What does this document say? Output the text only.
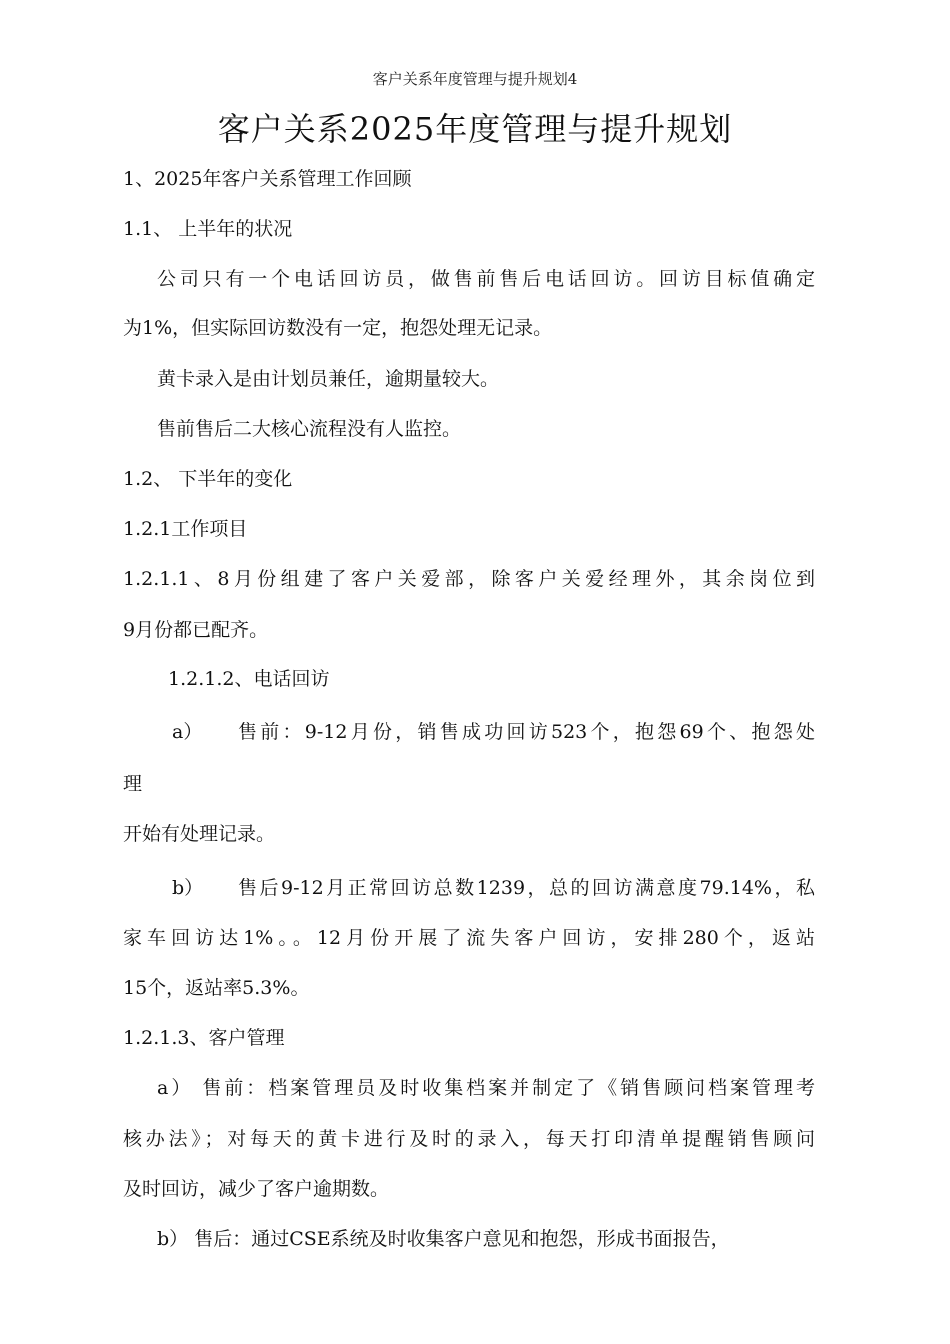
客户关系年度管理与提升规划4
客户关系2025年度管理与提升规划
1、2025年客户关系管理工作回顾
1.1、 上半年的状况
公司只有一个电话回访员，做售前售后电话回访。回访目标值确定
为1%，但实际回访数没有一定，抱怨处理无记录。
黄卡录入是由计划员兼任，逾期量较大。
售前售后二大核心流程没有人监控。
1.2、 下半年的变化
1.2.1工作项目
1.2.1.1、8月份组建了客户关爱部，除客户关爱经理外，其余岗位到
9月份都已配齐。
1.2.1.2、电话回访
a）	售前：9-12月份，销售成功回访523个，抱怨69个、抱怨处
理
开始有处理记录。
b）	售后9-12月正常回访总数1239，总的回访满意度79.14%，私
家车回访达1%。。12月份开展了流失客户回访，安排280个，返站
15个，返站率5.3%。
1.2.1.3、客户管理
a） 售前：档案管理员及时收集档案并制定了《销售顾问档案管理考
核办法》；对每天的黄卡进行及时的录入，每天打印清单提醒销售顾问
及时回访，减少了客户逾期数。
b） 售后：通过CSE系统及时收集客户意见和抱怨，形成书面报告，
